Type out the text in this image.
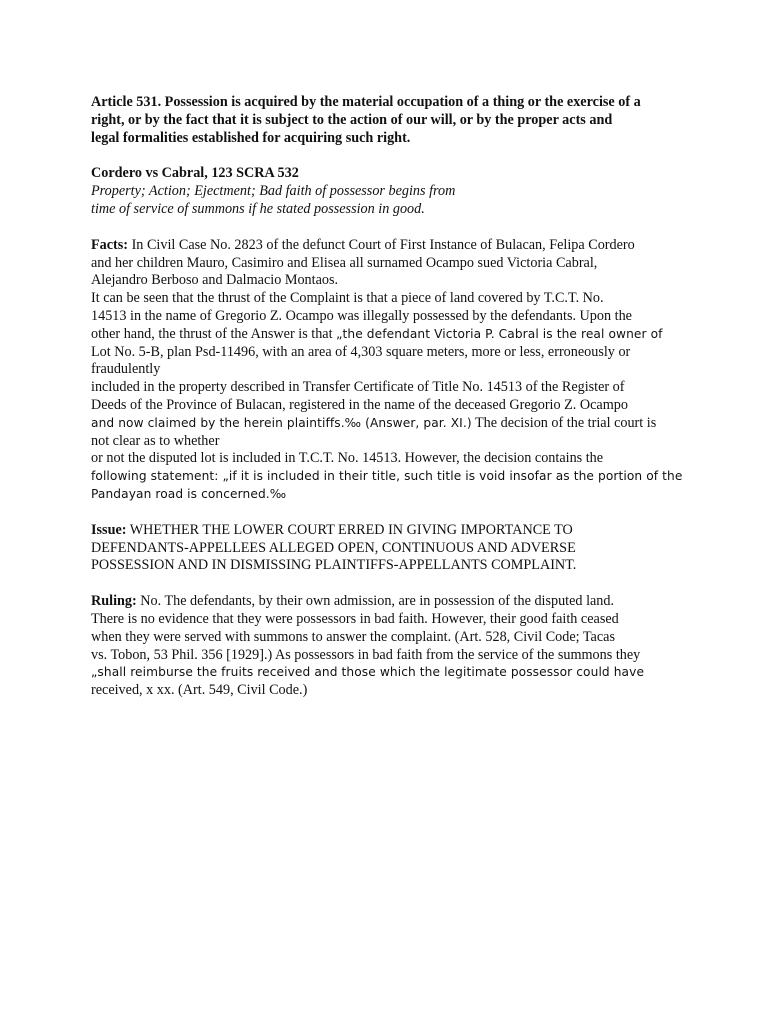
Article 531. Possession is acquired by the material occupation of a thing or the exercise of a
right, or by the fact that it is subject to the action of our will, or by the proper acts and
legal formalities established for acquiring such right.
Cordero vs Cabral, 123 SCRA 532
Property; Action; Ejectment; Bad faith of possessor begins from
time of service of summons if he stated possession in good.
Facts: In Civil Case No. 2823 of the defunct Court of First Instance of Bulacan, Felipa Cordero
and her children Mauro, Casimiro and Elisea all surnamed Ocampo sued Victoria Cabral,
Alejandro Berboso and Dalmacio Montaos.
It can be seen that the thrust of the Complaint is that a piece of land covered by T.C.T. No.
14513 in the name of Gregorio Z. Ocampo was illegally possessed by the defendants. Upon the
other hand, the thrust of the Answer is that „the defendant Victoria P. Cabral is the real owner of
Lot No. 5-B, plan Psd-11496, with an area of 4,303 square meters, more or less, erroneously or
fraudulently
included in the property described in Transfer Certificate of Title No. 14513 of the Register of
Deeds of the Province of Bulacan, registered in the name of the deceased Gregorio Z. Ocampo
and now claimed by the herein plaintiffs.‰ (Answer, par. XI.) The decision of the trial court is
not clear as to whether
or not the disputed lot is included in T.C.T. No. 14513. However, the decision contains the
following statement: „if it is included in their title, such title is void insofar as the portion of the
Pandayan road is concerned.‰
Issue: WHETHER THE LOWER COURT ERRED IN GIVING IMPORTANCE TO
DEFENDANTS-APPELLEES ALLEGED OPEN, CONTINUOUS AND ADVERSE
POSSESSION AND IN DISMISSING PLAINTIFFS-APPELLANTS COMPLAINT.
Ruling: No. The defendants, by their own admission, are in possession of the disputed land.
There is no evidence that they were possessors in bad faith. However, their good faith ceased
when they were served with summons to answer the complaint. (Art. 528, Civil Code; Tacas
vs. Tobon, 53 Phil. 356 [1929].) As possessors in bad faith from the service of the summons they
„shall reimburse the fruits received and those which the legitimate possessor could have
received, x xx. (Art. 549, Civil Code.)
